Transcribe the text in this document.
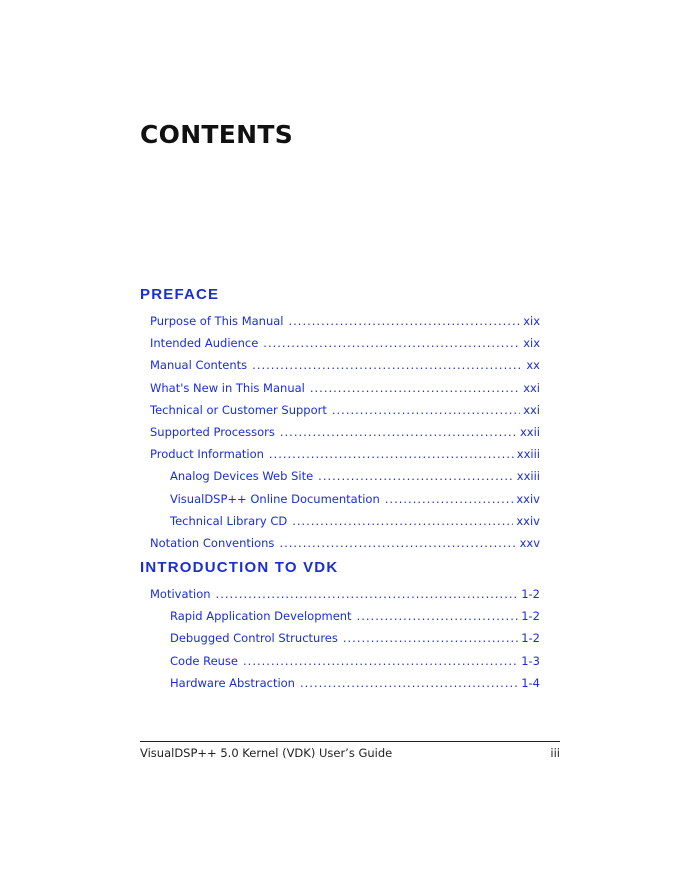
CONTENTS
PREFACE
Purpose of This Manual .....	xix
Intended Audience .....	xix
Manual Contents .....	xx
What's New in This Manual .....	xxi
Technical or Customer Support .....	xxi
Supported Processors .....	xxii
Product Information .....	xxiii
Analog Devices Web Site .....	xxiii
VisualDSP++ Online Documentation .....	xxiv
Technical Library CD .....	xxiv
Notation Conventions .....	xxv
INTRODUCTION TO VDK
Motivation .....	1-2
Rapid Application Development .....	1-2
Debugged Control Structures .....	1-2
Code Reuse .....	1-3
Hardware Abstraction .....	1-4
VisualDSP++ 5.0 Kernel (VDK) User’s Guide	iii
